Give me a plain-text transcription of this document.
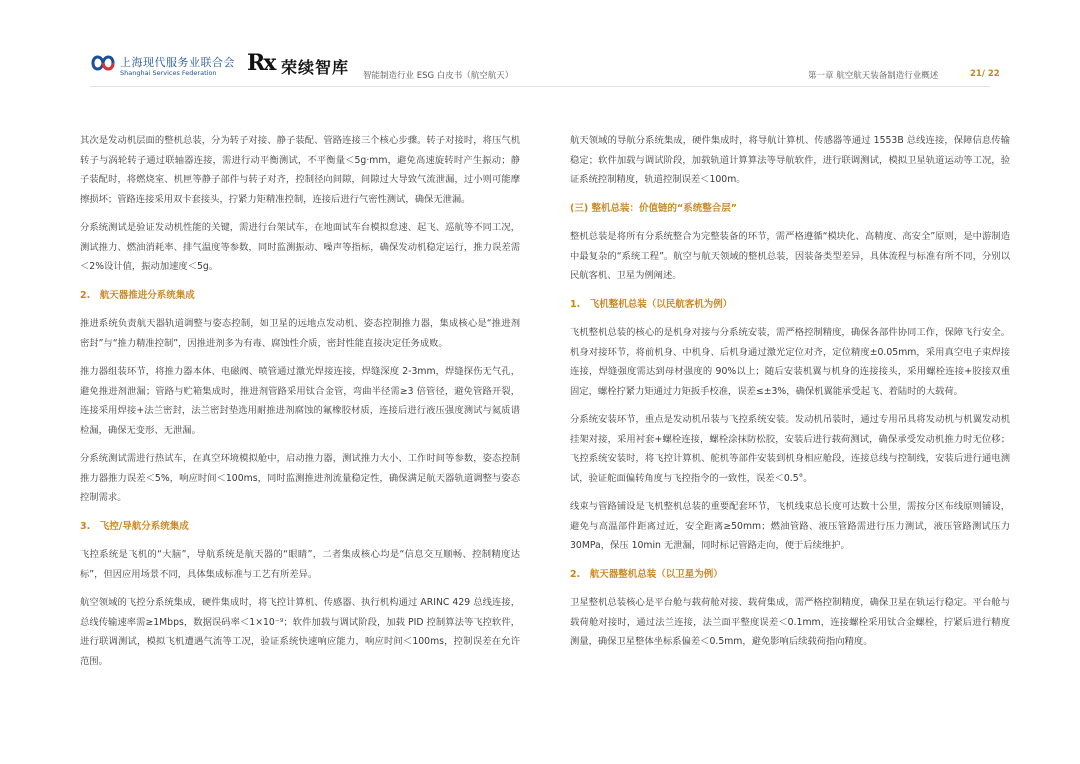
上海现代服务业联合会
Shanghai Services Federation Rx 荣续智库 智能制造行业 ESG 白皮书（航空航天）	第一章 航空航天装备制造行业概述	21/ 22

其次是发动机层面的整机总装，分为转子对接、静子装配、管路连接三个核心步骤。转子对接时，将压气机转子与涡轮转子通过联轴器连接，需进行动平衡测试，不平衡量＜5g·mm，避免高速旋转时产生振动；静子装配时，将燃烧室、机匣等静子部件与转子对齐，控制径向间隙，间隙过大导致气流泄漏，过小则可能摩擦损坏；管路连接采用双卡套接头，拧紧力矩精准控制，连接后进行气密性测试，确保无泄漏。

分系统测试是验证发动机性能的关键，需进行台架试车，在地面试车台模拟怠速、起飞、巡航等不同工况，测试推力、燃油消耗率、排气温度等参数，同时监测振动、噪声等指标，确保发动机稳定运行，推力误差需＜2%设计值，振动加速度＜5g。

2.　航天器推进分系统集成

推进系统负责航天器轨道调整与姿态控制，如卫星的远地点发动机、姿态控制推力器，集成核心是“推进剂密封”与“推力精准控制”，因推进剂多为有毒、腐蚀性介质，密封性能直接决定任务成败。

推力器组装环节，将推力器本体、电磁阀、喷管通过激光焊接连接，焊缝深度 2-3mm，焊缝探伤无气孔，避免推进剂泄漏；管路与贮箱集成时，推进剂管路采用钛合金管，弯曲半径需≥3 倍管径，避免管路开裂，连接采用焊接+法兰密封，法兰密封垫选用耐推进剂腐蚀的氟橡胶材质，连接后进行液压强度测试与氦质谱检漏，确保无变形、无泄漏。

分系统测试需进行热试车，在真空环境模拟舱中，启动推力器，测试推力大小、工作时间等参数，姿态控制推力器推力误差＜5%，响应时间＜100ms，同时监测推进剂流量稳定性，确保满足航天器轨道调整与姿态控制需求。

3.　飞控/导航分系统集成

飞控系统是飞机的“大脑”，导航系统是航天器的“眼睛”，二者集成核心均是“信息交互顺畅、控制精度达标”，但因应用场景不同，具体集成标准与工艺有所差异。

航空领域的飞控分系统集成，硬件集成时，将飞控计算机、传感器、执行机构通过 ARINC 429 总线连接，总线传输速率需≥1Mbps，数据误码率＜1×10⁻⁹；软件加载与调试阶段，加载 PID 控制算法等飞控软件，进行联调测试，模拟飞机遭遇气流等工况，验证系统快速响应能力，响应时间＜100ms，控制误差在允许范围。

航天领域的导航分系统集成，硬件集成时，将导航计算机、传感器等通过 1553B 总线连接，保障信息传输稳定；软件加载与调试阶段，加载轨道计算算法等导航软件，进行联调测试，模拟卫星轨道运动等工况，验证系统控制精度，轨道控制误差＜100m。

(三) 整机总装：价值链的“系统整合层”

整机总装是将所有分系统整合为完整装备的环节，需严格遵循“模块化、高精度、高安全”原则，是中游制造中最复杂的“系统工程”。航空与航天领域的整机总装，因装备类型差异，具体流程与标准有所不同，分别以民航客机、卫星为例阐述。

1.　飞机整机总装（以民航客机为例）

飞机整机总装的核心的是机身对接与分系统安装，需严格控制精度，确保各部件协同工作，保障飞行安全。机身对接环节，将前机身、中机身、后机身通过激光定位对齐，定位精度±0.05mm，采用真空电子束焊接连接，焊缝强度需达到母材强度的 90%以上；随后安装机翼与机身的连接接头，采用螺栓连接+胶接双重固定，螺栓拧紧力矩通过力矩扳手校准，误差≤±3%，确保机翼能承受起飞、着陆时的大载荷。

分系统安装环节，重点是发动机吊装与飞控系统安装。发动机吊装时，通过专用吊具将发动机与机翼发动机挂架对接，采用衬套+螺栓连接，螺栓涂抹防松胶，安装后进行载荷测试，确保承受发动机推力时无位移；飞控系统安装时，将飞控计算机、舵机等部件安装到机身相应舱段，连接总线与控制线，安装后进行通电测试，验证舵面偏转角度与飞控指令的一致性，误差＜0.5°。

线束与管路铺设是飞机整机总装的重要配套环节，飞机线束总长度可达数十公里，需按分区布线原则铺设，避免与高温部件距离过近，安全距离≥50mm；燃油管路、液压管路需进行压力测试，液压管路测试压力 30MPa，保压 10min 无泄漏，同时标记管路走向，便于后续维护。

2.　航天器整机总装（以卫星为例）

卫星整机总装核心是平台舱与载荷舱对接、载荷集成，需严格控制精度，确保卫星在轨运行稳定。平台舱与载荷舱对接时，通过法兰连接，法兰面平整度误差＜0.1mm，连接螺栓采用钛合金螺栓，拧紧后进行精度测量，确保卫星整体坐标系偏差＜0.5mm，避免影响后续载荷指向精度。
